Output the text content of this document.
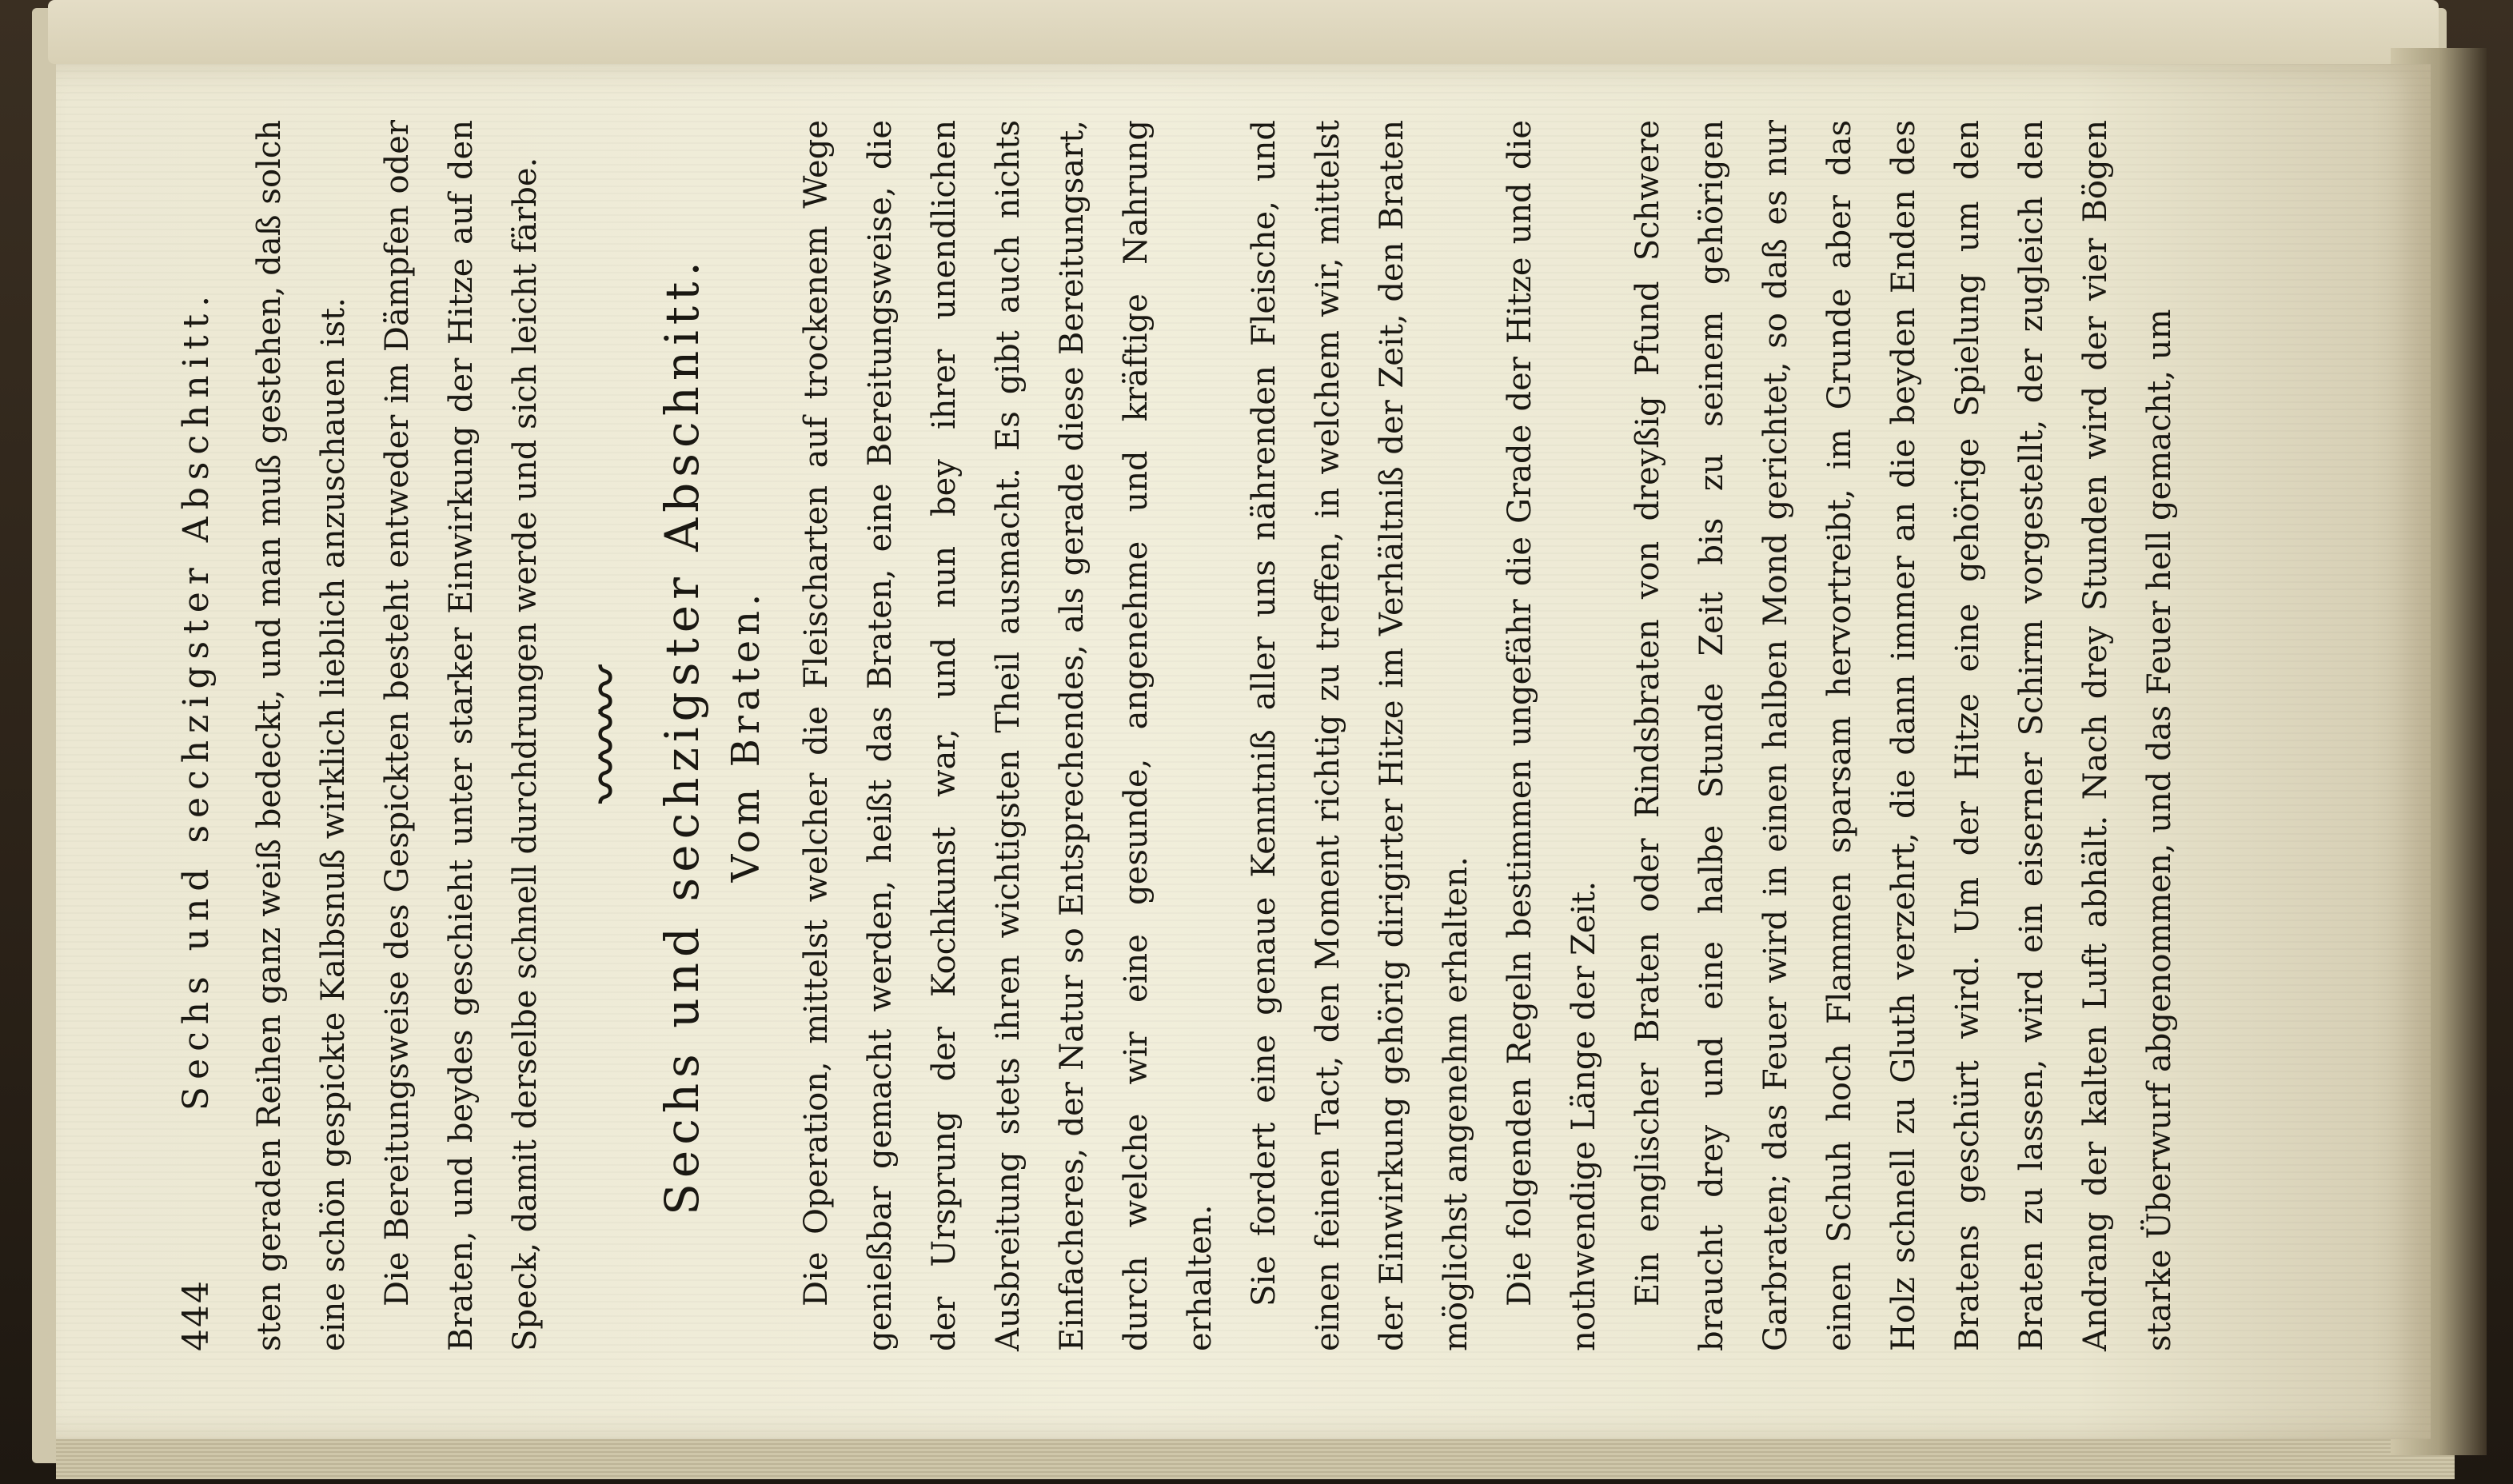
444
Sechs und sechzigster Abschnitt.	sten geraden Reihen ganz weiß bedeckt, und man muß gestehen, daß solch eine schön gespickte Kalbsnuß wirklich lieblich anzuschauen ist. Die Bereitungsweise des Gespickten besteht entweder im Dämpfen oder Braten, und beydes geschieht unter starker Einwirkung der Hitze auf den Speck, damit derselbe schnell durchdrungen werde und sich leicht färbe. 〰〰〰 Sechs und sechzigster Abschnitt. Vom Braten. Die Operation, mittelst welcher die Fleischarten auf trockenem Wege genießbar gemacht werden, heißt das Braten, eine Bereitungsweise, die der Ursprung der Kochkunst war, und nun bey ihrer unendlichen Ausbreitung stets ihren wichtigsten Theil ausmacht. Es gibt auch nichts Einfacheres, der Natur so Entsprechendes, als gerade diese Bereitungsart, durch welche wir eine gesunde, angenehme und kräftige Nahrung erhalten. Sie fordert eine genaue Kenntniß aller uns nährenden Fleische, und einen feinen Tact, den Moment richtig zu treffen, in welchem wir, mittelst der Einwirkung gehörig dirigirter Hitze im Verhältniß der Zeit, den Braten möglichst angenehm erhalten. Die folgenden Regeln bestimmen ungefähr die Grade der Hitze und die nothwendige Länge der Zeit. Ein englischer Braten oder Rindsbraten von dreyßig Pfund Schwere braucht drey und eine halbe Stunde Zeit bis zu seinem gehörigen Garbraten; das Feuer wird in einen halben Mond gerichtet, so daß es nur einen Schuh hoch Flammen sparsam hervortreibt, im Grunde aber das Holz schnell zu Gluth verzehrt, die dann immer an die beyden Enden des Bratens geschürt wird. Um der Hitze eine gehörige Spielung um den Braten zu lassen, wird ein eiserner Schirm vorgestellt, der zugleich den Andrang der kalten Luft abhält. Nach drey Stunden wird der vier Bögen starke Überwurf abgenommen, und das Feuer hell gemacht, um
